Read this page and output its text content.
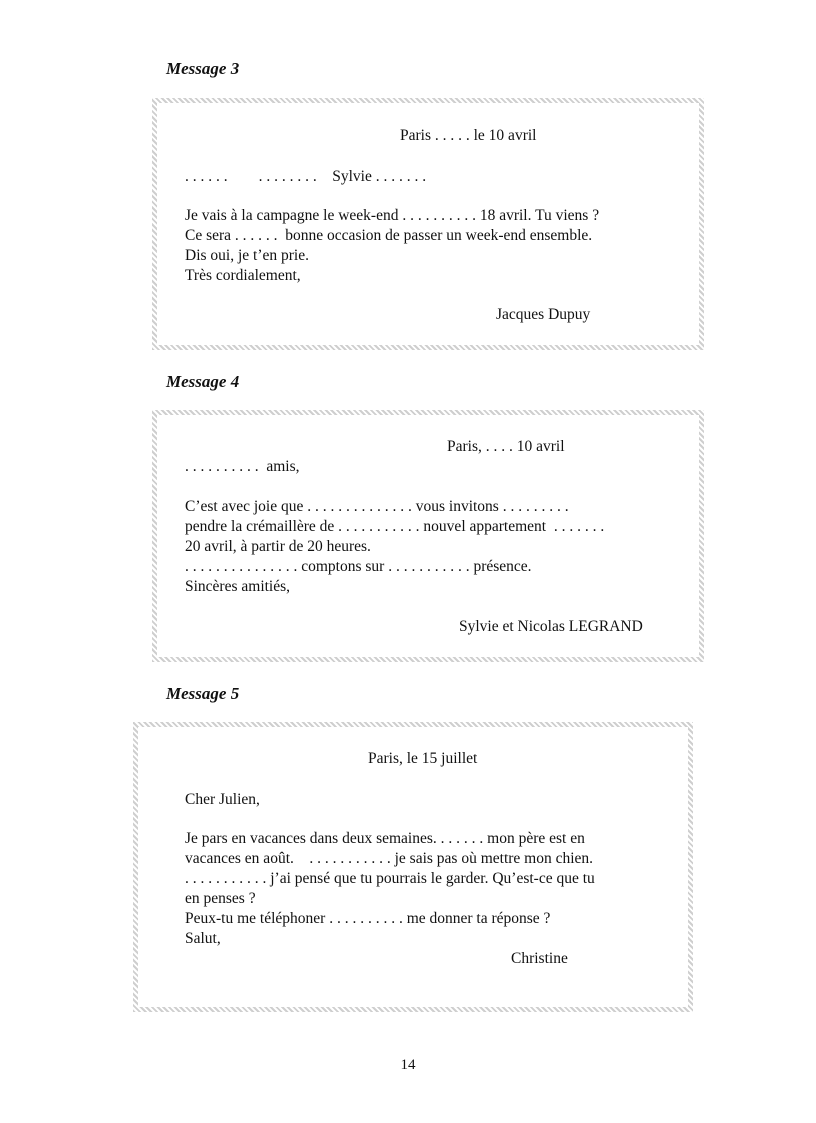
Message 3
Paris . . . . . le 10 avril
. . . . . .        . . . . . . . .    Sylvie . . . . . . .
Je vais à la campagne le week-end . . . . . . . . . . 18 avril. Tu viens ?
Ce sera . . . . . .  bonne occasion de passer un week-end ensemble.
Dis oui, je t’en prie.
Très cordialement,
Jacques Dupuy
Message 4
Paris, . . . . 10 avril
. . . . . . . . . .  amis,
C’est avec joie que . . . . . . . . . . . . . . vous invitons . . . . . . . . .
pendre la crémaillère de . . . . . . . . . . . nouvel appartement  . . . . . . .
20 avril, à partir de 20 heures.
. . . . . . . . . . . . . . . comptons sur . . . . . . . . . . . présence.
Sincères amitiés,
Sylvie et Nicolas LEGRAND
Message 5
Paris, le 15 juillet
Cher Julien,
Je pars en vacances dans deux semaines. . . . . . . mon père est en
vacances en août.    . . . . . . . . . . . je sais pas où mettre mon chien.
. . . . . . . . . . . j’ai pensé que tu pourrais le garder. Qu’est-ce que tu
en penses ?
Peux-tu me téléphoner . . . . . . . . . . me donner ta réponse ?
Salut,
Christine
14
